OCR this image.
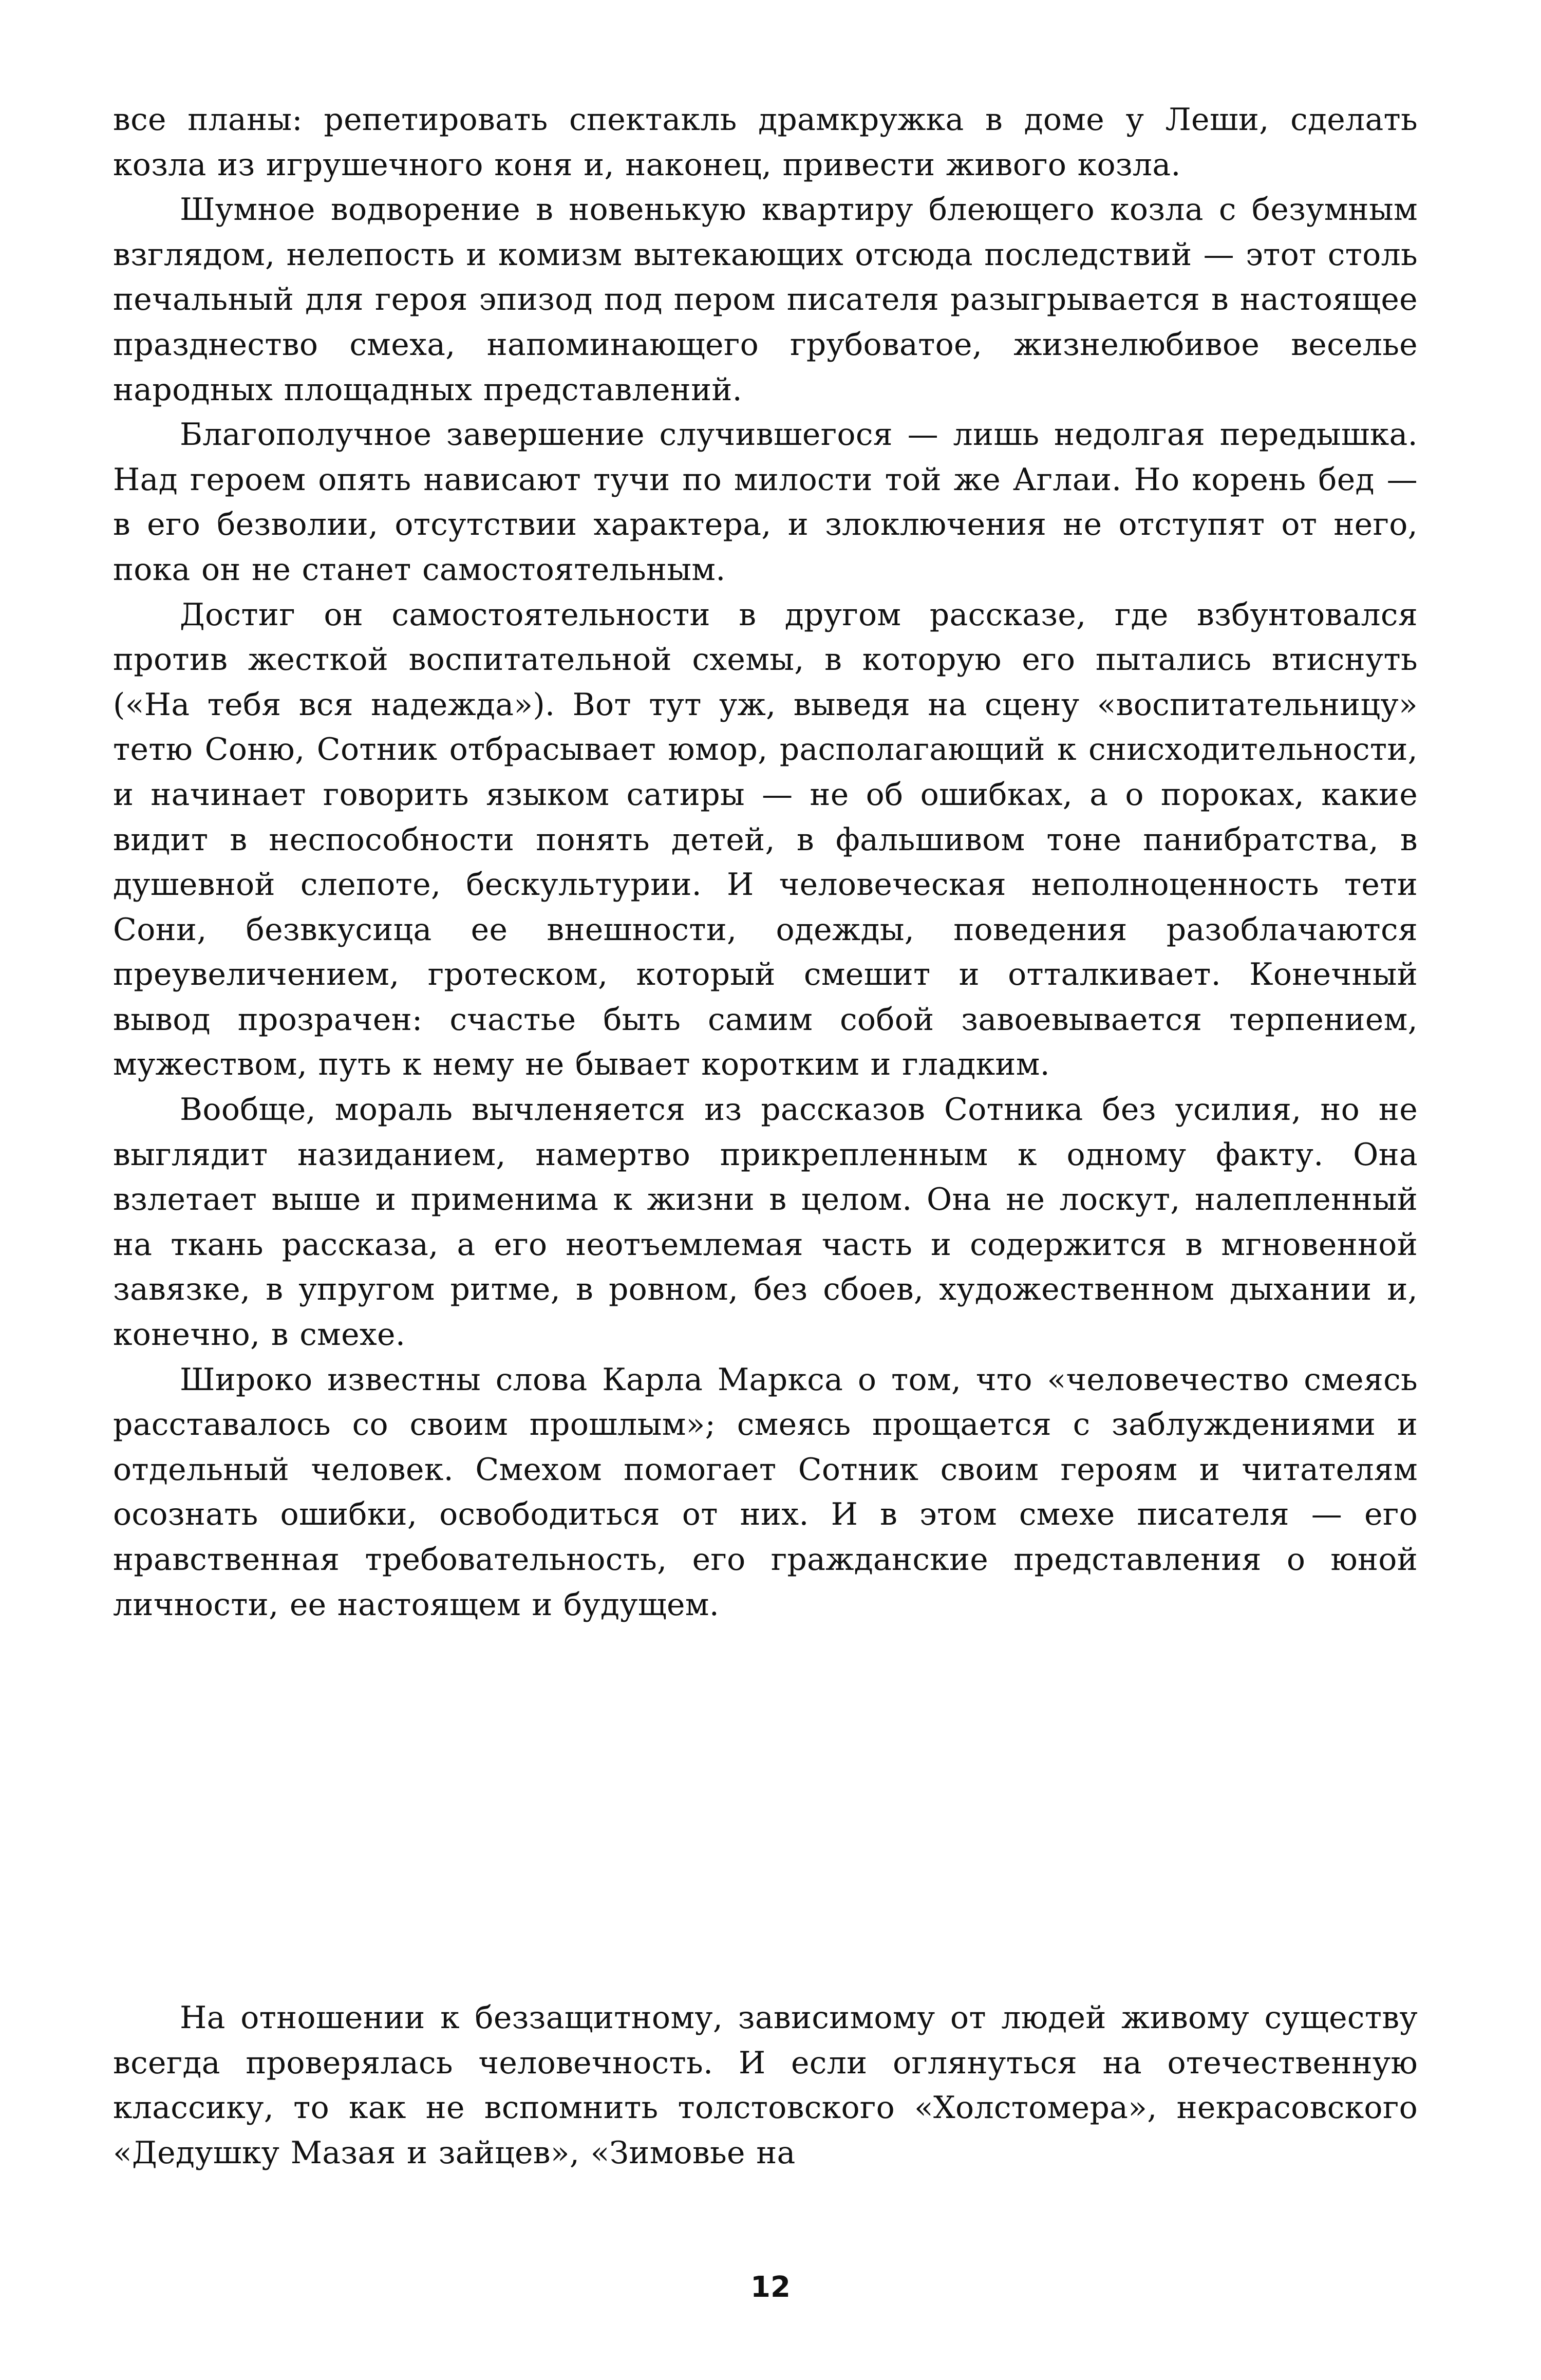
все планы: репетировать спектакль драмкружка в доме у Леши, сделать козла из игрушечного коня и, наконец, привести живого козла.

Шумное водворение в новенькую квартиру блеющего козла с безумным взглядом, нелепость и комизм вытекающих отсюда последствий — этот столь печальный для героя эпизод под пером писателя разыгрывается в настоящее празднество смеха, напоминающего грубоватое, жизнелюбивое веселье народных площадных представлений.

Благополучное завершение случившегося — лишь недолгая передышка. Над героем опять нависают тучи по милости той же Аглаи. Но корень бед — в его безволии, отсутствии характера, и злоключения не отступят от него, пока он не станет самостоятельным.

Достиг он самостоятельности в другом рассказе, где взбунтовался против жесткой воспитательной схемы, в которую его пытались втиснуть («На тебя вся надежда»). Вот тут уж, выведя на сцену «воспитательницу» тетю Соню, Сотник отбрасывает юмор, располагающий к снисходительности, и начинает говорить языком сатиры — не об ошибках, а о пороках, какие видит в неспособности понять детей, в фальшивом тоне панибратства, в душевной слепоте, бескультурии. И человеческая неполноценность тети Сони, безвкусица ее внешности, одежды, поведения разоблачаются преувеличением, гротеском, который смешит и отталкивает. Конечный вывод прозрачен: счастье быть самим собой завоевывается терпением, мужеством, путь к нему не бывает коротким и гладким.

Вообще, мораль вычленяется из рассказов Сотника без усилия, но не выглядит назиданием, намертво прикрепленным к одному факту. Она взлетает выше и применима к жизни в целом. Она не лоскут, налепленный на ткань рассказа, а его неотъемлемая часть и содержится в мгновенной завязке, в упругом ритме, в ровном, без сбоев, художественном дыхании и, конечно, в смехе.

Широко известны слова Карла Маркса о том, что «человечество смеясь расставалось со своим прошлым»; смеясь прощается с заблуждениями и отдельный человек. Смехом помогает Сотник своим героям и читателям осознать ошибки, освободиться от них. И в этом смехе писателя — его нравственная требовательность, его гражданские представления о юной личности, ее настоящем и будущем.

На отношении к беззащитному, зависимому от людей живому существу всегда проверялась человечность. И если оглянуться на отечественную классику, то как не вспомнить толстовского «Холстомера», некрасовского «Дедушку Мазая и зайцев», «Зимовье на

12
